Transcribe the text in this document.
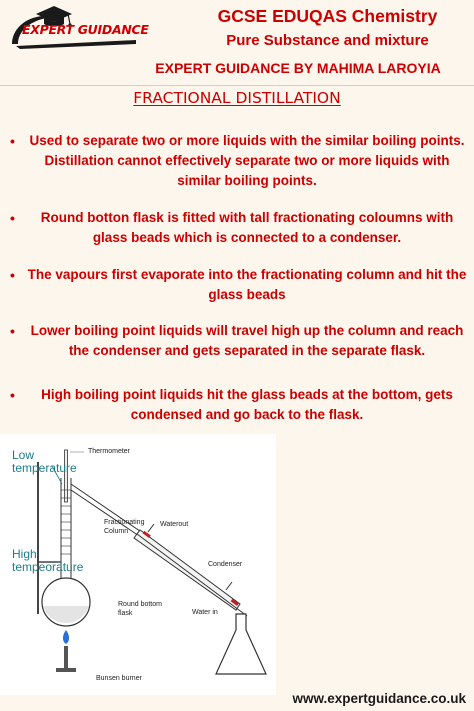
EXPERT GUIDANCE
GCSE EDUQAS Chemistry
Pure Substance and mixture
EXPERT GUIDANCE BY MAHIMA LAROYIA
FRACTIONAL DISTILLATION
•	Used to separate two or more liquids with the similar boiling points. Distillation cannot effectively separate two or more liquids with similar boiling points.
•	Round botton flask is fitted with tall fractionating coloumns with glass beads which is connected to a condenser.
• The vapours first evaporate into the fractionating column and hit the glass beads
•	Lower boiling point liquids will travel high up the column and reach the condenser and gets separated in the separate flask.
•	High boiling point liquids hit the glass beads at the bottom, gets condensed and go back to the flask.
Thermometer
Fractionating
Column
Waterout
Condenser
Round bottom
flask	Water in
Bunsen burner
Low
temperature
High
tempeorature
www.expertguidance.co.uk
